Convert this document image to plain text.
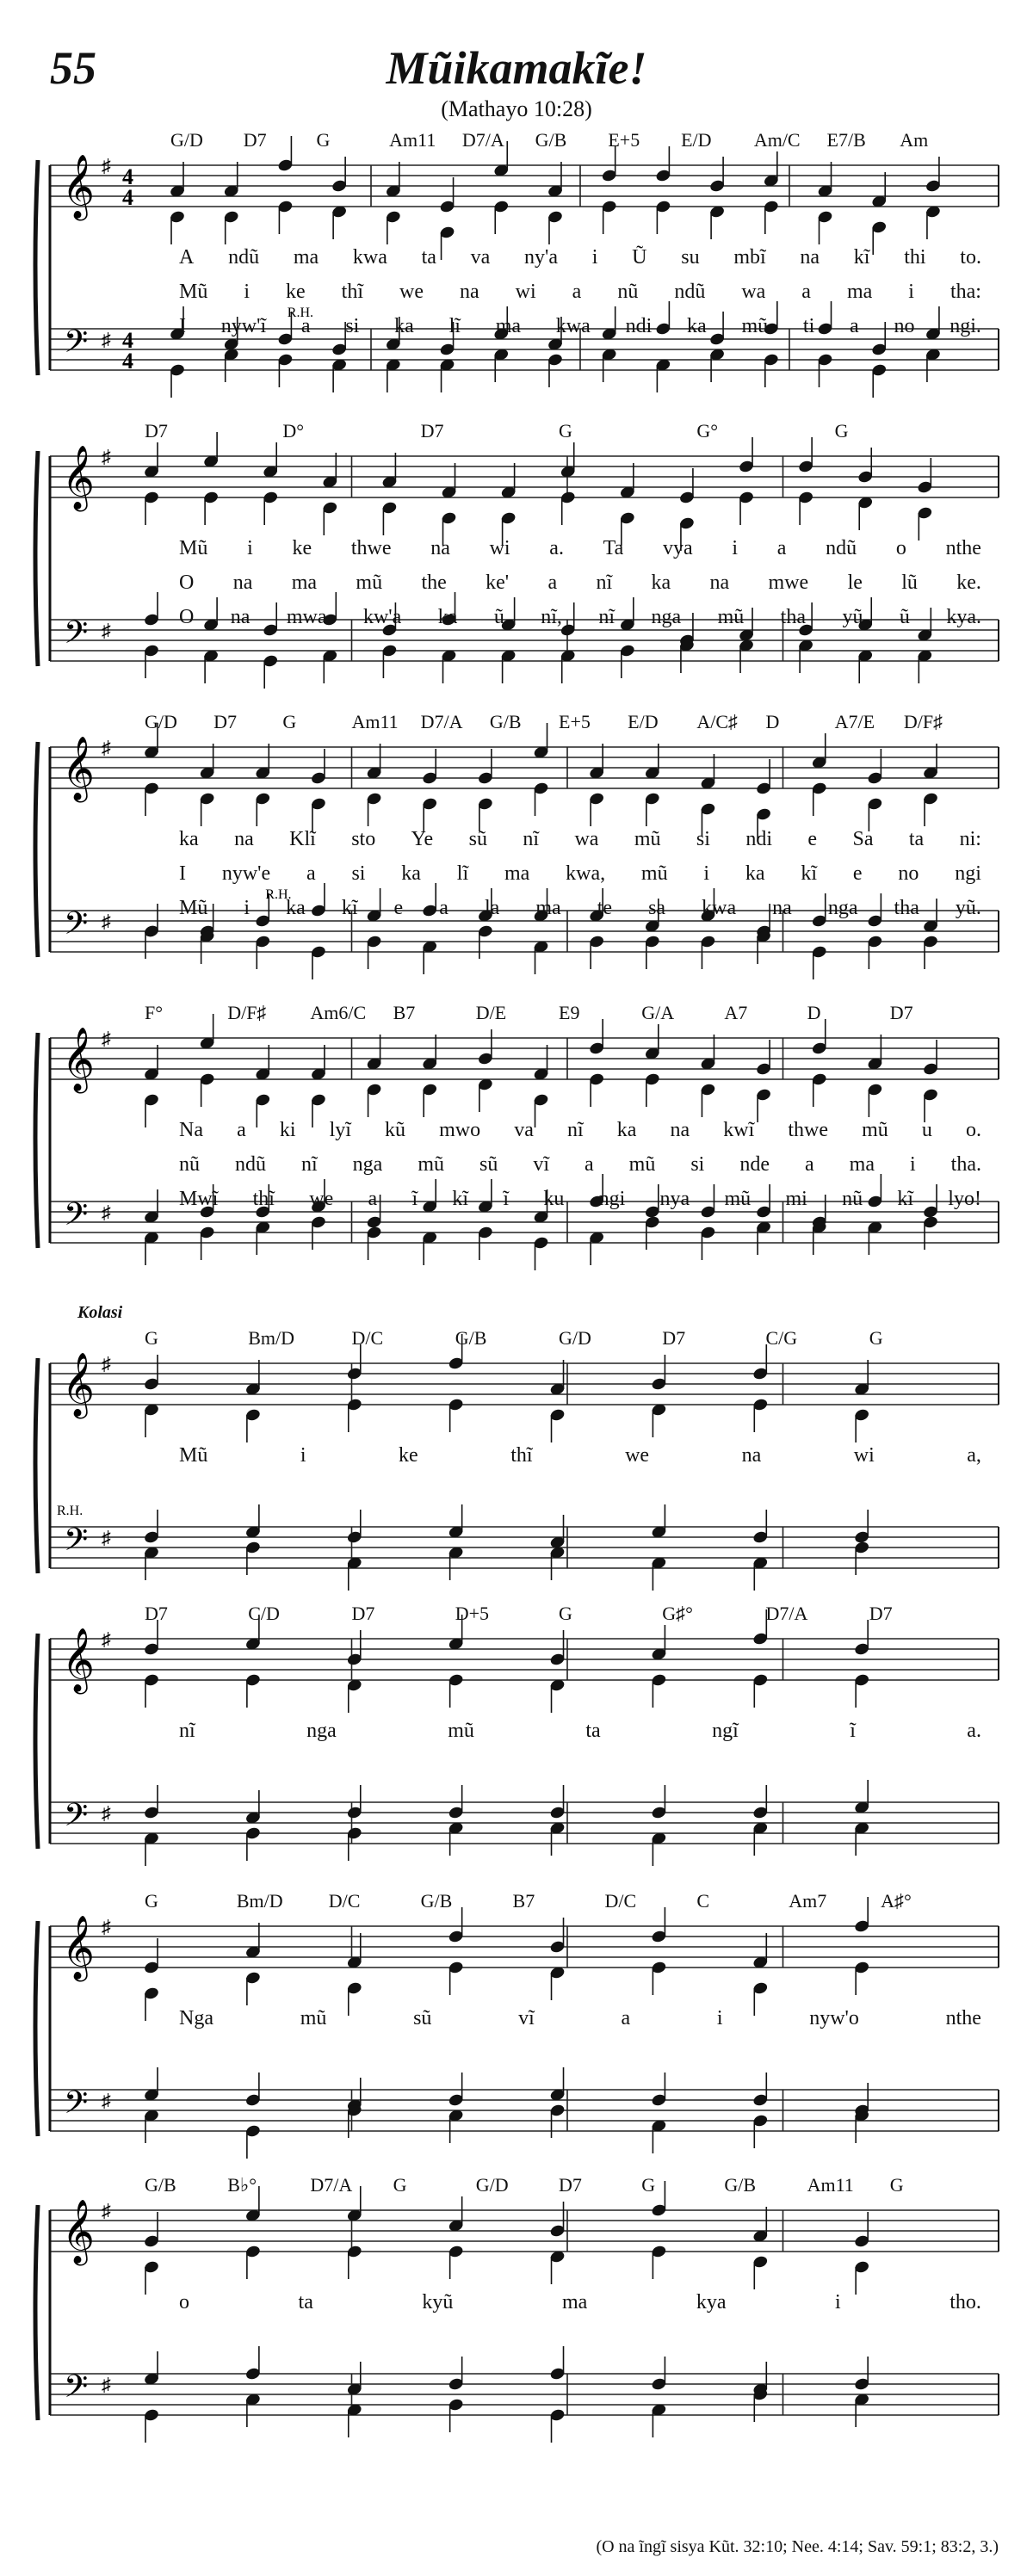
55	Mũikamakĩe!
(Mathayo 10:28)
G/D D7	G	Am11 D7/A G/B E+5 E/D Am/C E7/B Am
𝄞
𝄢
♯
♯
4
4
4
4
R.H.
A ndũ ma kwa ta va ny'a i Ũ su mbĩ na kĩ thi to.
Mũ i ke thĩ we na wi a nũ ndũ wa a ma i tha:
I nyw'ĩ a si ka lĩ ma kwa ndi ka mũ ti a no ngi.
D7	D°	D7	G	G°	G
𝄞
𝄢
♯
♯
Mũ i ke thwe na wi a. Ta vya i a ndũ o nthe
O na ma mũ the ke' a nĩ ka na mwe le lũ ke.
O na mwa kw'a ka ũ nĩ, nĩ nga mũ tha yũ ũ kya.
G/D D7 G	Am11 D7/A G/B E+5 E/D A/C♯ D	A7/E D/F♯
𝄞
𝄢
♯
♯
R.H.
ka na Klĩ sto Ye sũ nĩ wa mũ si ndi e Sa ta ni:
I nyw'e a si ka lĩ ma kwa, mũ i ka kĩ e no ngi
Mũ i ka kĩ e a la ma te sa kwa na nga tha yũ.
F°	D/F♯ Am6/C B7	D/E	E9	G/A	A7	D	D7
𝄞
𝄢
♯
♯
Na a ki lyĩ kũ mwo va nĩ ka na kwĩ thwe mũ u o.
nũ ndũ nĩ nga mũ sũ vĩ a mũ si nde a ma i tha.
Mwĩ thĩ we a ĩ kĩ ĩ ku ngi nya mũ mi nũ kĩ lyo!
Kolasi
G	Bm/D	D/C	G/B	G/D	D7	C/G	G
𝄞
𝄢
♯
♯
R.H.
Mũ	i	ke	thĩ	we	na	wi	a,
D7	C/D	D7	D+5	G	G♯°	D7/A	D7
𝄞
𝄢
♯
♯
nĩ	nga	mũ	ta	ngĩ	ĩ	a.
G	Bm/D D/C	G/B	B7	D/C	C	Am7	A♯°
𝄞
𝄢
♯
♯
Nga	mũ	sũ	vĩ	a	i	nyw'o	nthe
G/B	B♭°	D7/A G	G/D	D7	G	G/B	Am11 G
𝄞
𝄢
♯
♯
o	ta	kyũ	ma	kya	i	tho.
(O na ĩngĩ sisya Kũt. 32:10; Nee. 4:14; Sav. 59:1; 83:2, 3.)
